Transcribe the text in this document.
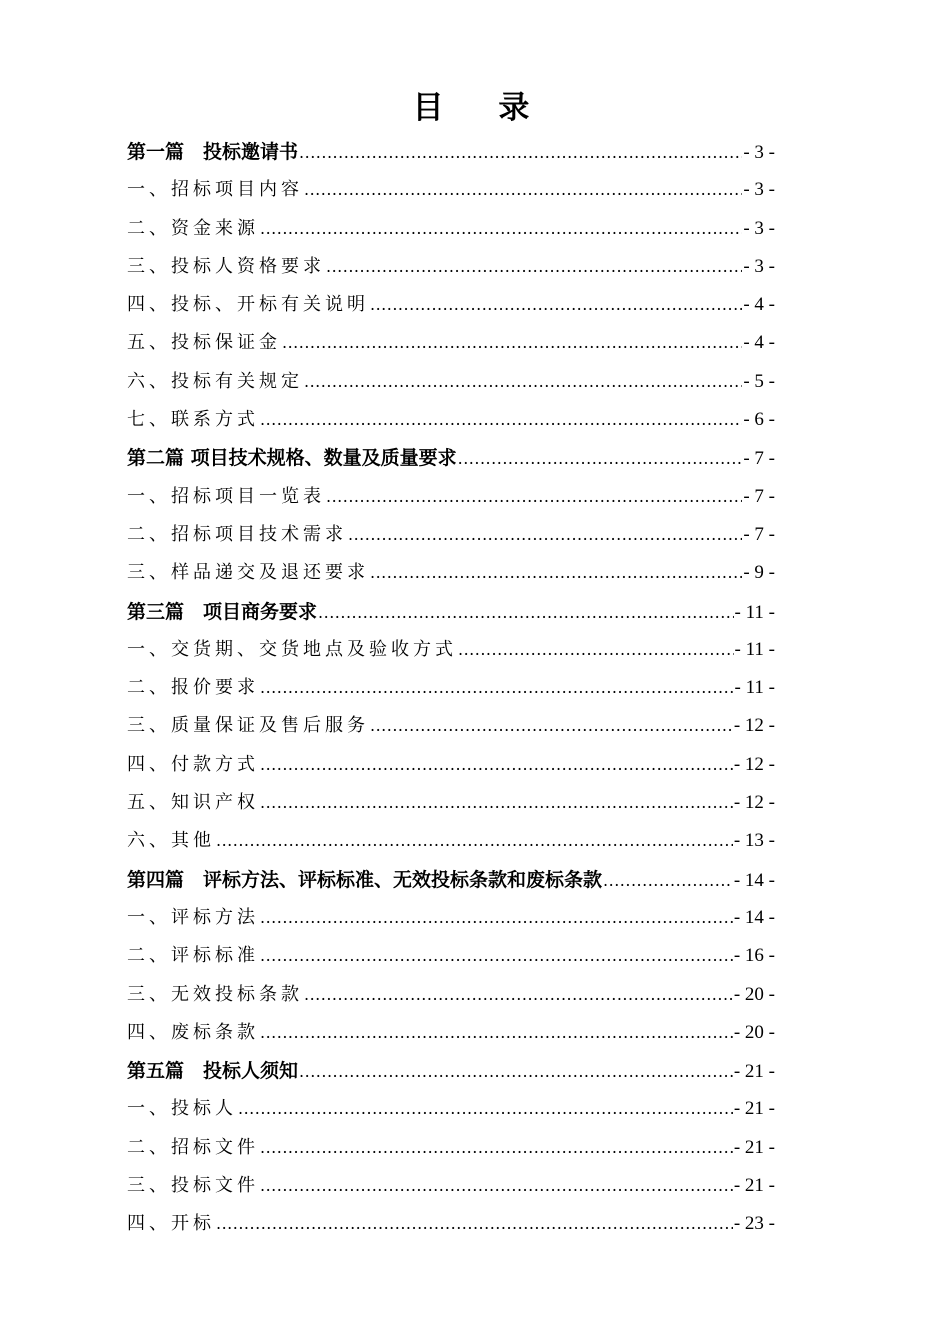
目 录
第一篇　投标邀请书 .....	- 3 -
一、招标项目内容 .....	- 3 -
二、资金来源 .....	- 3 -
三、投标人资格要求 .....	- 3 -
四、投标、开标有关说明 .....	- 4 -
五、投标保证金 .....	- 4 -
六、投标有关规定 .....	- 5 -
七、联系方式 .....	- 6 -
第二篇 项目技术规格、数量及质量要求 .....	- 7 -
一、招标项目一览表 .....	- 7 -
二、招标项目技术需求 .....	- 7 -
三、样品递交及退还要求 .....	- 9 -
第三篇　项目商务要求 .....	- 11 -
一、交货期、交货地点及验收方式 .....	- 11 -
二、报价要求 .....	- 11 -
三、质量保证及售后服务 .....	- 12 -
四、付款方式 .....	- 12 -
五、知识产权 .....	- 12 -
六、其他 .....	- 13 -
第四篇　评标方法、评标标准、无效投标条款和废标条款 .....	- 14 -
一、评标方法 .....	- 14 -
二、评标标准 .....	- 16 -
三、无效投标条款 .....	- 20 -
四、废标条款 .....	- 20 -
第五篇　投标人须知 .....	- 21 -
一、投标人 .....	- 21 -
二、招标文件 .....	- 21 -
三、投标文件 .....	- 21 -
四、开标 .....	- 23 -
